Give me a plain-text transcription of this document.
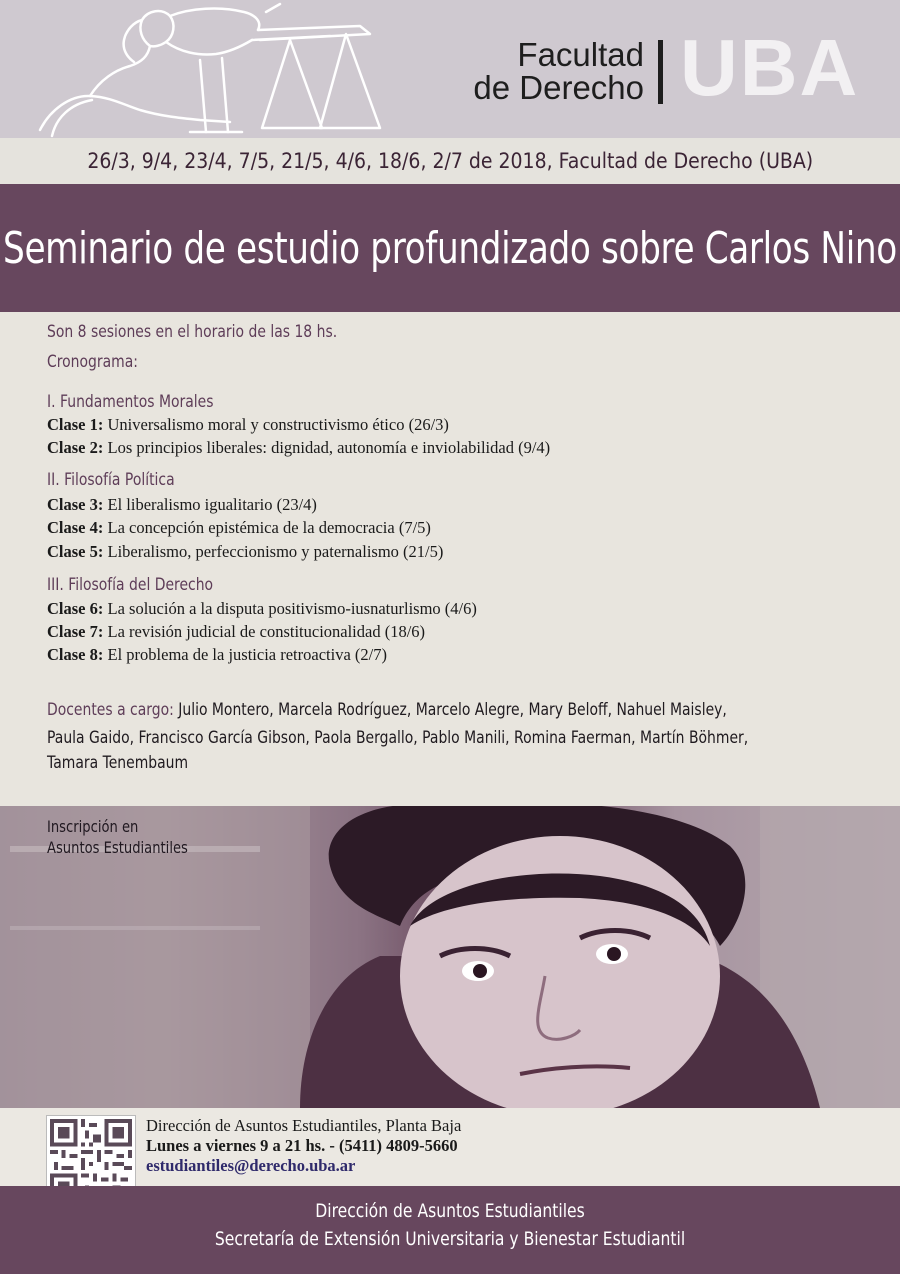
Facultad
de Derecho UBA
26/3, 9/4, 23/4, 7/5, 21/5, 4/6, 18/6, 2/7 de 2018, Facultad de Derecho (UBA)
Seminario de estudio profundizado sobre Carlos Nino
Son 8 sesiones en el horario de las 18 hs.
Cronograma:
I. Fundamentos Morales
Clase 1: Universalismo moral y constructivismo ético (26/3)
Clase 2: Los principios liberales: dignidad, autonomía e inviolabilidad (9/4)
II. Filosofía Política
Clase 3: El liberalismo igualitario (23/4)
Clase 4: La concepción epistémica de la democracia (7/5)
Clase 5: Liberalismo, perfeccionismo y paternalismo (21/5)
III. Filosofía del Derecho
Clase 6: La solución a la disputa positivismo-iusnaturlismo (4/6)
Clase 7: La revisión judicial de constitucionalidad (18/6)
Clase 8: El problema de la justicia retroactiva (2/7)
Docentes a cargo: Julio Montero, Marcela Rodríguez, Marcelo Alegre, Mary Beloff, Nahuel Maisley,
Paula Gaido, Francisco García Gibson, Paola Bergallo, Pablo Manili, Romina Faerman, Martín Böhmer,
Tamara Tenembaum
Inscripción en
Asuntos Estudiantiles
Dirección de Asuntos Estudiantiles, Planta Baja
Lunes a viernes 9 a 21 hs. - (5411) 4809-5660
estudiantiles@derecho.uba.ar
Dirección de Asuntos Estudiantiles
Secretaría de Extensión Universitaria y Bienestar Estudiantil
